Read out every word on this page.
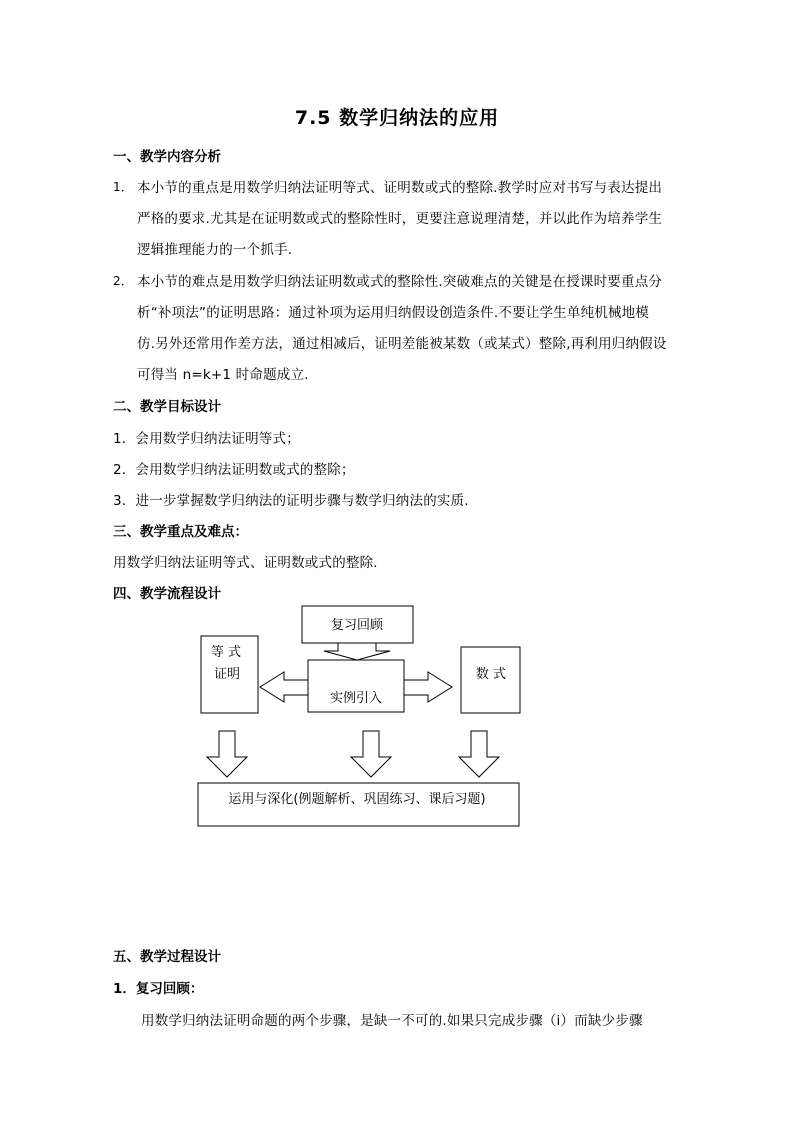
7.5 数学归纳法的应用
一、教学内容分析
1． 本小节的重点是用数学归纳法证明等式、证明数或式的整除.教学时应对书写与表达提出
严格的要求.尤其是在证明数或式的整除性时，更要注意说理清楚，并以此作为培养学生
逻辑推理能力的一个抓手.
2． 本小节的难点是用数学归纳法证明数或式的整除性.突破难点的关键是在授课时要重点分
析“补项法”的证明思路：通过补项为运用归纳假设创造条件.不要让学生单纯机械地模
仿.另外还常用作差方法，通过相减后，证明差能被某数（或某式）整除,再利用归纳假设
可得当 n=k+1 时命题成立.
二、教学目标设计
1．会用数学归纳法证明等式；
2．会用数学归纳法证明数或式的整除；
3．进一步掌握数学归纳法的证明步骤与数学归纳法的实质.
三、教学重点及难点：
用数学归纳法证明等式、证明数或式的整除.
四、教学流程设计
复习回顾
等 式
证明	数 式
实例引入
运用与深化(例题解析、巩固练习、课后习题)
五、教学过程设计
1．复习回顾：
用数学归纳法证明命题的两个步骤，是缺一不可的.如果只完成步骤（i）而缺少步骤
